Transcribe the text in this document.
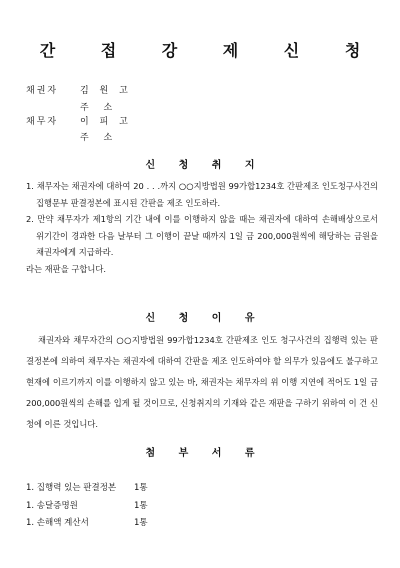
간 접 강 제 신 청
채권자 김 원 고
주 소
채무자 이 피 고
주 소
신 청 취 지

1. 채무자는 채권자에 대하여 20 . . .까지 ○○지방법원 99가합1234호 간판제조 인도청구사건의 집행문부 판결정본에 표시된 간판을 제조 인도하라.

2. 만약 채무자가 제1항의 기간 내에 이를 이행하지 않을 때는 채권자에 대하여 손해배상으로서 위기간이 경과한 다음 날부터 그 이행이 끝날 때까지 1일 금 200,000원씩에 해당하는 금원을 채권자에게 지급하라.

라는 재판을 구합니다.

신 청 이 유

채권자와 채무자간의 ○○지방법원 99가합1234호 간판제조 인도 청구사건의 집행력 있는 판결정본에 의하여 채무자는 채권자에 대하여 간판을 제조 인도하여야 할 의무가 있음에도 불구하고 현재에 이르기까지 이를 이행하지 않고 있는 바, 채권자는 채무자의 위 이행 지연에 적어도 1일 금 200,000원씩의 손해를 입게 될 것이므로, 신청취지의 기재와 같은 재판을 구하기 위하여 이 건 신청에 이른 것입니다.

첨 부 서 류
1. 집행력 있는 판결정본	1통
1. 송달증명원	1통
1. 손해액 계산서	1통
